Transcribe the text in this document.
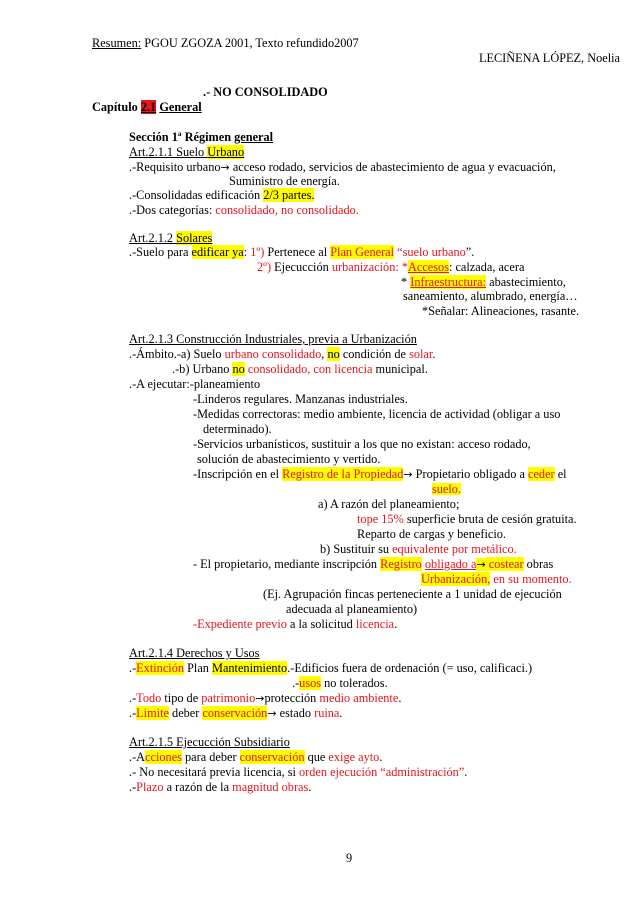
Resumen: PGOU ZGOZA 2001, Texto refundido2007
LECIÑENA LÓPEZ, Noelia
.- NO CONSOLIDADO
Capítulo 2.1 General
Sección 1ª Régimen general
Art.2.1.1 Suelo Urbano
.-Requisito urbano→ acceso rodado, servicios de abastecimiento de agua y evacuación,
Suministro de energía.
.-Consolidadas edificación 2/3 partes.
.-Dos categorías: consolidado, no consolidado.
Art.2.1.2 Solares
.-Suelo para edificar ya: 1º) Pertenece al Plan General “suelo urbano”.
2º) Ejecucción urbanización: *Accesos: calzada, acera
* Infraestructura: abastecimiento,
saneamiento, alumbrado, energía…
*Señalar: Alineaciones, rasante.
Art.2.1.3 Construcción Industriales, previa a Urbanización
.-Ámbito.-a) Suelo urbano consolidado, no condición de solar.
.-b) Urbano no consolidado, con licencia municipal.
.-A ejecutar:-planeamiento
-Linderos regulares. Manzanas industriales.
-Medidas correctoras: medio ambiente, licencia de actividad (obligar a uso
determinado).
-Servicios urbanísticos, sustituir a los que no existan: acceso rodado,
solución de abastecimiento y vertido.
-Inscripción en el Registro de la Propiedad→ Propietario obligado a ceder el
suelo.
a) A razón del planeamiento;
tope 15% superficie bruta de cesión gratuita.
Reparto de cargas y beneficio.
b) Sustituir su equivalente por metálico.
- El propietario, mediante inscripción Registro obligado a→ costear obras
Urbanización, en su momento.
(Ej. Agrupación fincas perteneciente a 1 unidad de ejecución
adecuada al planeamiento)
-Expediente previo a la solicitud licencia.
Art.2.1.4 Derechos y Usos
.-Extinción Plan Mantenimiento.-Edificios fuera de ordenación (= uso, calificaci.)
.-usos no tolerados.
.-Todo tipo de patrimonio→protección medio ambiente.
.-Limite deber conservación→ estado ruina.
Art.2.1.5 Ejecucción Subsidiario
.-Acciones para deber conservación que exige ayto.
.- No necesitará previa licencia, si orden ejecución “administración”.
.-Plazo a razón de la magnitud obras.
9
